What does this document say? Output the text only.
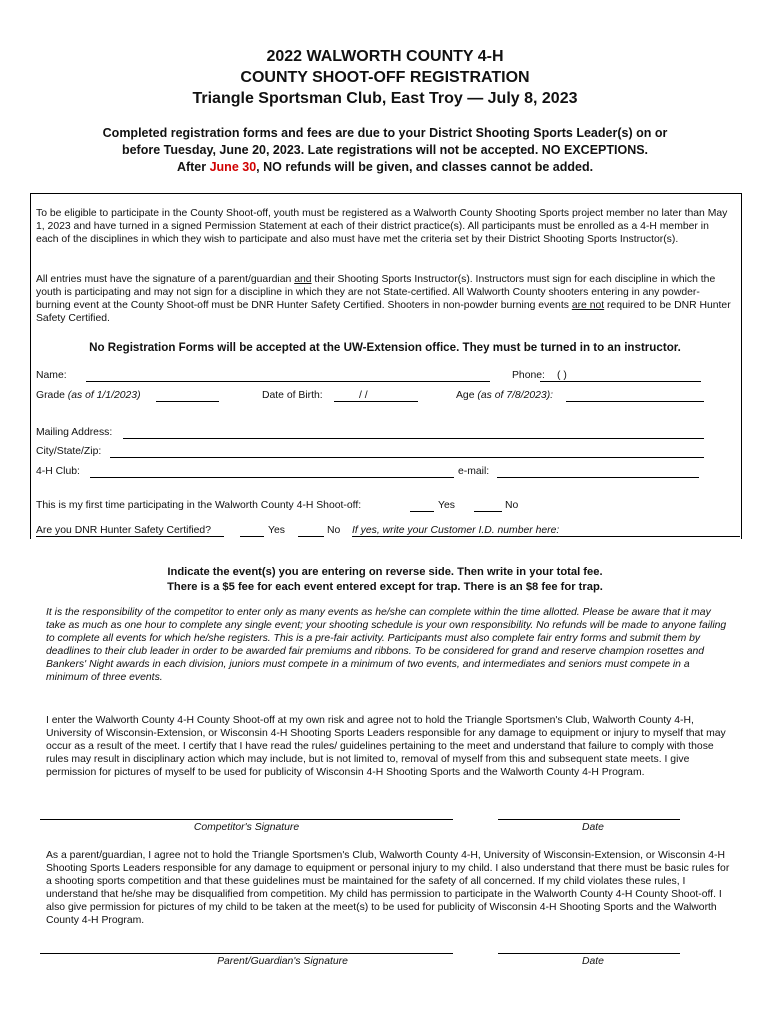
2022 WALWORTH COUNTY 4-H
COUNTY SHOOT-OFF REGISTRATION
Triangle Sportsman Club, East Troy — July 8, 2023
Completed registration forms and fees are due to your District Shooting Sports Leader(s) on or
before Tuesday, June 20, 2023. Late registrations will not be accepted. NO EXCEPTIONS.
After June 30, NO refunds will be given, and classes cannot be added.
To be eligible to participate in the County Shoot-off, youth must be registered as a Walworth County Shooting Sports project member no later than May 1, 2023 and have turned in a signed Permission Statement at each of their district practice(s). All participants must be enrolled as a 4-H member in each of the disciplines in which they wish to participate and also must have met the criteria set by their District Shooting Sports Instructor(s).
All entries must have the signature of a parent/guardian and their Shooting Sports Instructor(s). Instructors must sign for each discipline in which the youth is participating and may not sign for a discipline in which they are not State-certified. All Walworth County shooters entering in any powder-burning event at the County Shoot-off must be DNR Hunter Safety Certified. Shooters in non-powder burning events are not required to be DNR Hunter Safety Certified.
No Registration Forms will be accepted at the UW-Extension office. They must be turned in to an instructor.
Name:	Phone: ( )
Grade (as of 1/1/2023)	Date of Birth:	/ /	Age (as of 7/8/2023):
Mailing Address:
City/State/Zip:
4-H Club:	e-mail:
This is my first time participating in the Walworth County 4-H Shoot-off:	Yes	No
Are you DNR Hunter Safety Certified?	Yes	No If yes, write your Customer I.D. number here:
Indicate the event(s) you are entering on reverse side. Then write in your total fee.
There is a $5 fee for each event entered except for trap. There is an $8 fee for trap.
It is the responsibility of the competitor to enter only as many events as he/she can complete within the time allotted. Please be aware that it may take as much as one hour to complete any single event; your shooting schedule is your own responsibility. No refunds will be made to anyone failing to complete all events for which he/she registers. This is a pre-fair activity. Participants must also complete fair entry forms and submit them by deadlines to their club leader in order to be awarded fair premiums and ribbons. To be considered for grand and reserve champion rosettes and Bankers' Night awards in each division, juniors must compete in a minimum of two events, and intermediates and seniors must compete in a minimum of three events.
I enter the Walworth County 4-H County Shoot-off at my own risk and agree not to hold the Triangle Sportsmen's Club, Walworth County 4-H, University of Wisconsin-Extension, or Wisconsin 4-H Shooting Sports Leaders responsible for any damage to equipment or injury to myself that may occur as a result of the meet. I certify that I have read the rules/ guidelines pertaining to the meet and understand that failure to comply with those rules may result in disciplinary action which may include, but is not limited to, removal of myself from this and subsequent state meets. I give permission for pictures of myself to be used for publicity of Wisconsin 4-H Shooting Sports and the Walworth County 4-H Program.
Competitor's Signature	Date
As a parent/guardian, I agree not to hold the Triangle Sportsmen's Club, Walworth County 4-H, University of Wisconsin-Extension, or Wisconsin 4-H Shooting Sports Leaders responsible for any damage to equipment or personal injury to my child. I also understand that there must be basic rules for a shooting sports competition and that these guidelines must be maintained for the safety of all concerned. If my child violates these rules, I understand that he/she may be disqualified from competition. My child has permission to participate in the Walworth County 4-H County Shoot-off. I also give permission for pictures of my child to be taken at the meet(s) to be used for publicity of Wisconsin 4-H Shooting Sports and the Walworth County 4-H Program.
Parent/Guardian's Signature	Date
